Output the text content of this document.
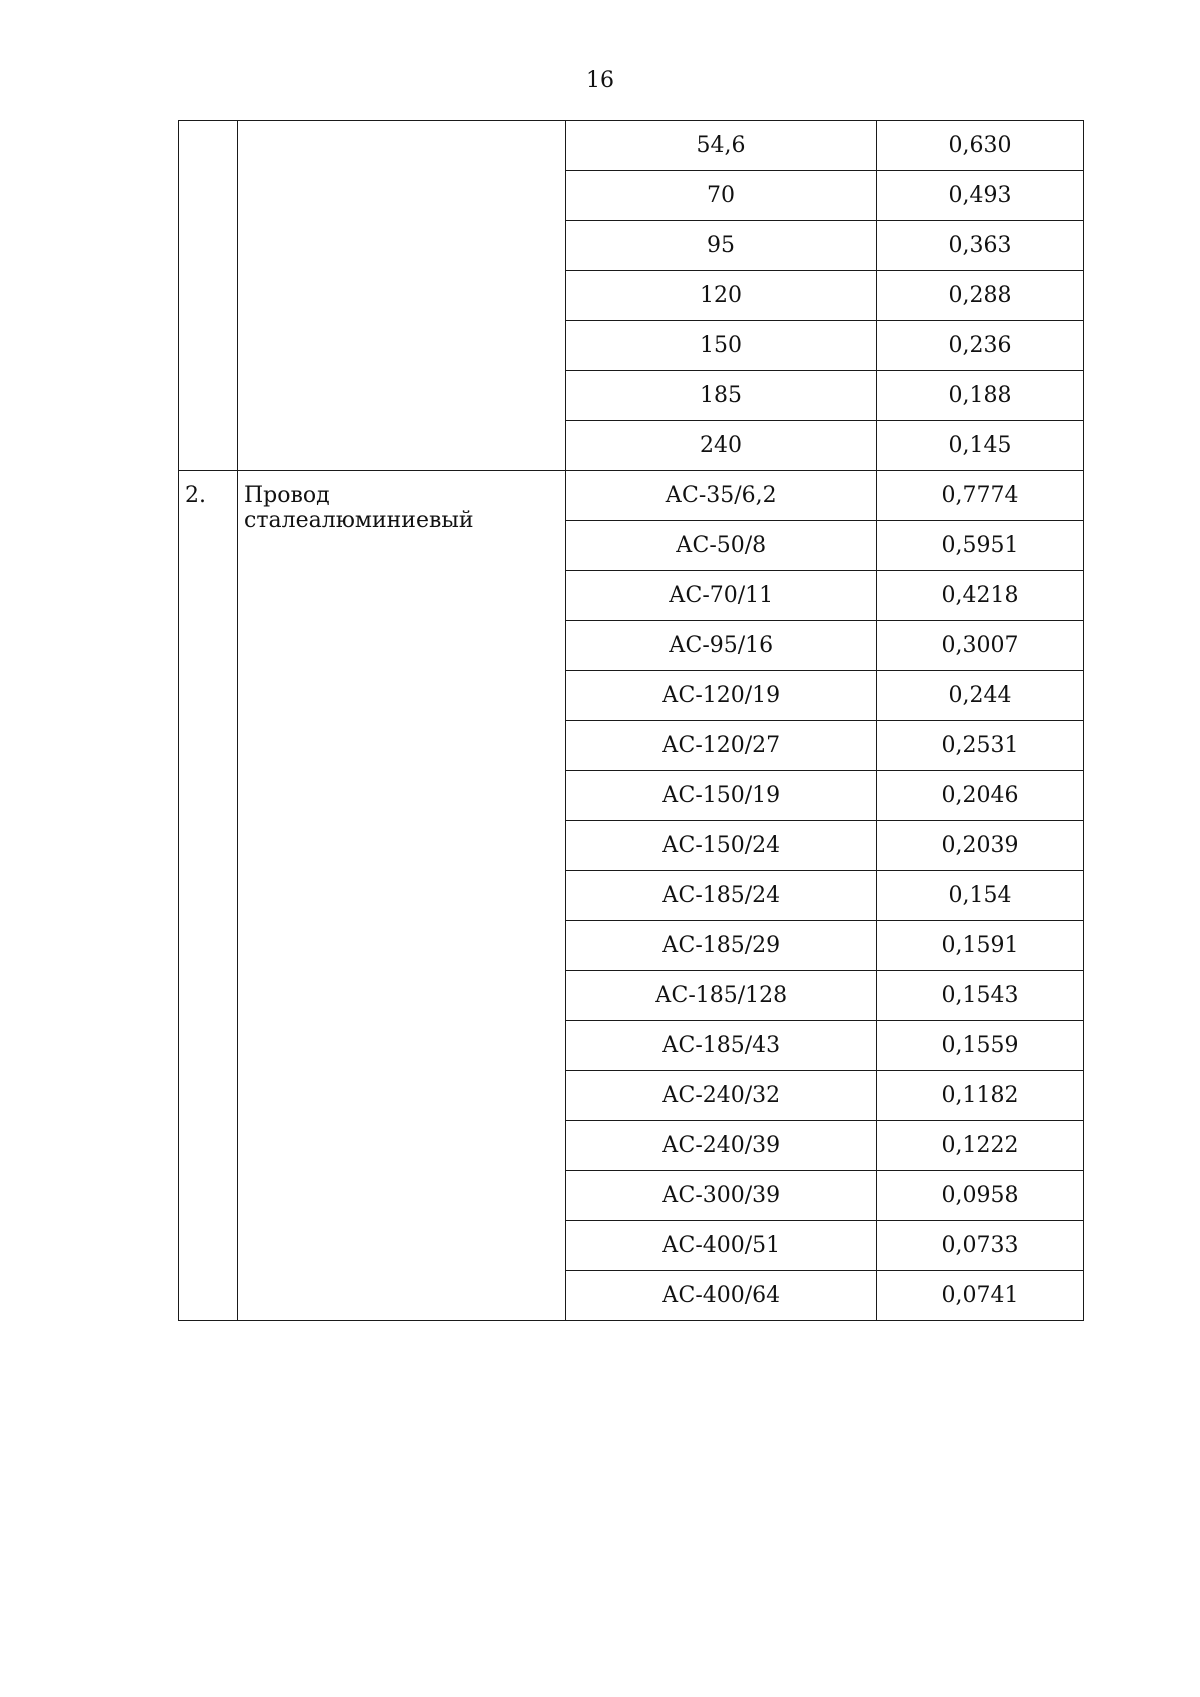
16
		54,6	0,630
		70	0,493
		95	0,363
		120	0,288
		150	0,236
		185	0,188
		240	0,145
2.	Провод сталеалюминиевый	АС-35/6,2	0,7774
		АС-50/8	0,5951
		АС-70/11	0,4218
		АС-95/16	0,3007
		АС-120/19	0,244
		АС-120/27	0,2531
		АС-150/19	0,2046
		АС-150/24	0,2039
		АС-185/24	0,154
		АС-185/29	0,1591
		АС-185/128	0,1543
		АС-185/43	0,1559
		АС-240/32	0,1182
		АС-240/39	0,1222
		АС-300/39	0,0958
		АС-400/51	0,0733
		АС-400/64	0,0741
